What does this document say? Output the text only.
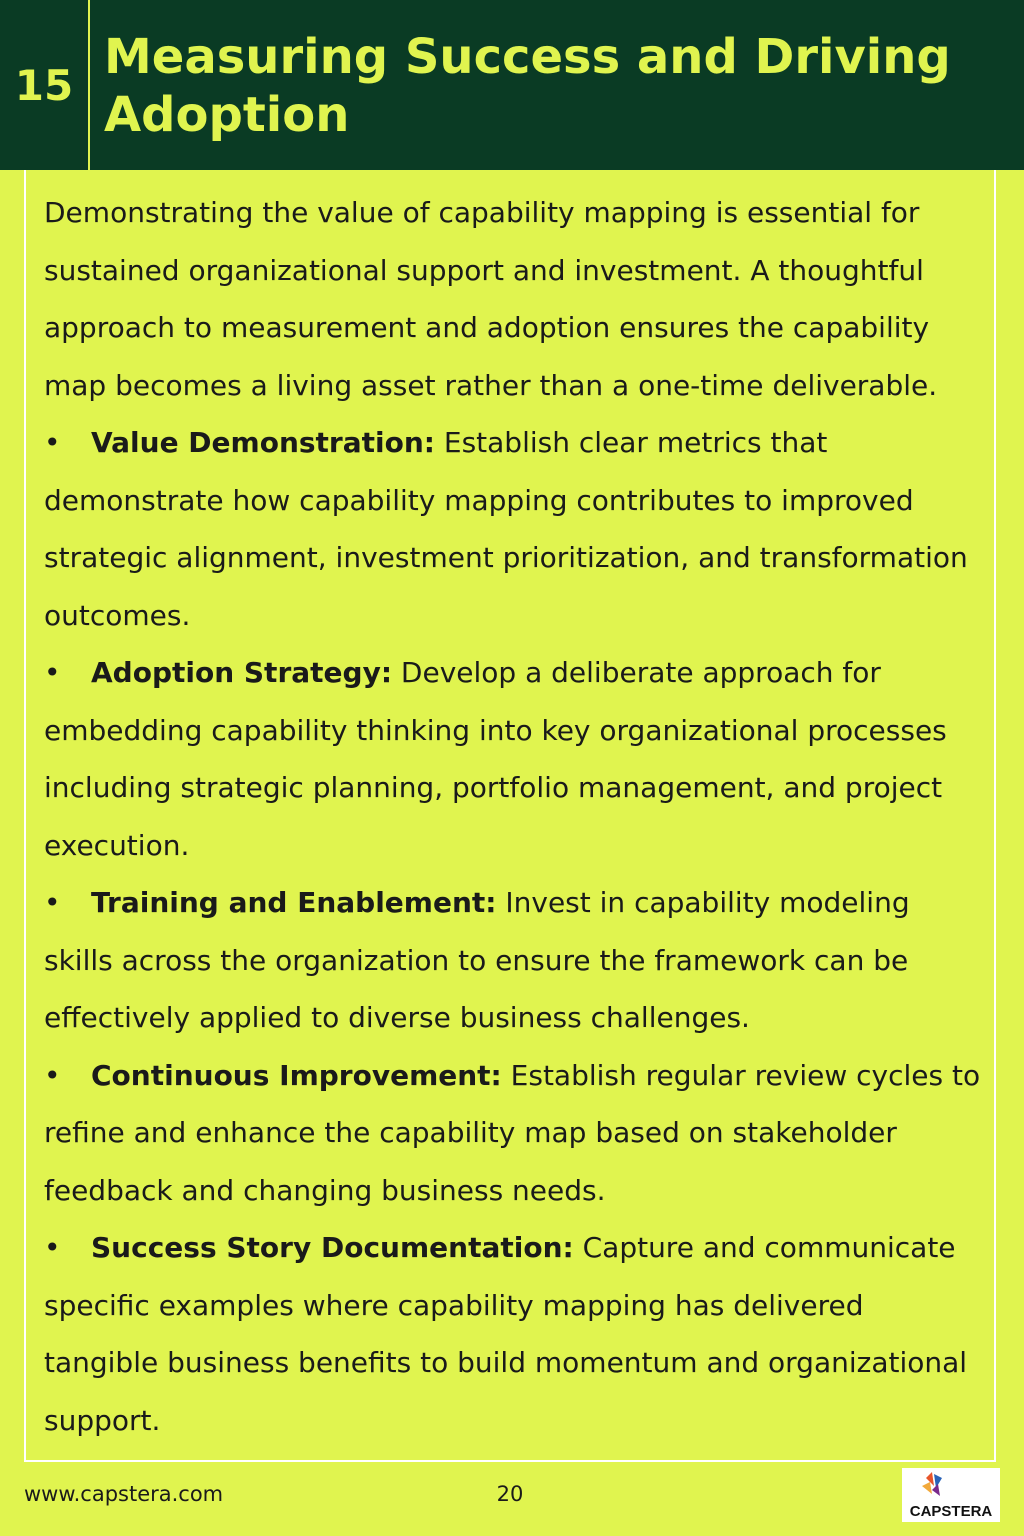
15 Measuring Success and Driving Adoption

Demonstrating the value of capability mapping is essential for sustained organizational support and investment. A thoughtful approach to measurement and adoption ensures the capability map becomes a living asset rather than a one-time deliverable.

• Value Demonstration: Establish clear metrics that demonstrate how capability mapping contributes to improved strategic alignment, investment prioritization, and transformation outcomes.

• Adoption Strategy: Develop a deliberate approach for embedding capability thinking into key organizational processes including strategic planning, portfolio management, and project execution.

• Training and Enablement: Invest in capability modeling skills across the organization to ensure the framework can be effectively applied to diverse business challenges.

• Continuous Improvement: Establish regular review cycles to refine and enhance the capability map based on stakeholder feedback and changing business needs.

• Success Story Documentation: Capture and communicate specific examples where capability mapping has delivered tangible business benefits to build momentum and organizational support.

www.capstera.com	20
CAPSTERA
